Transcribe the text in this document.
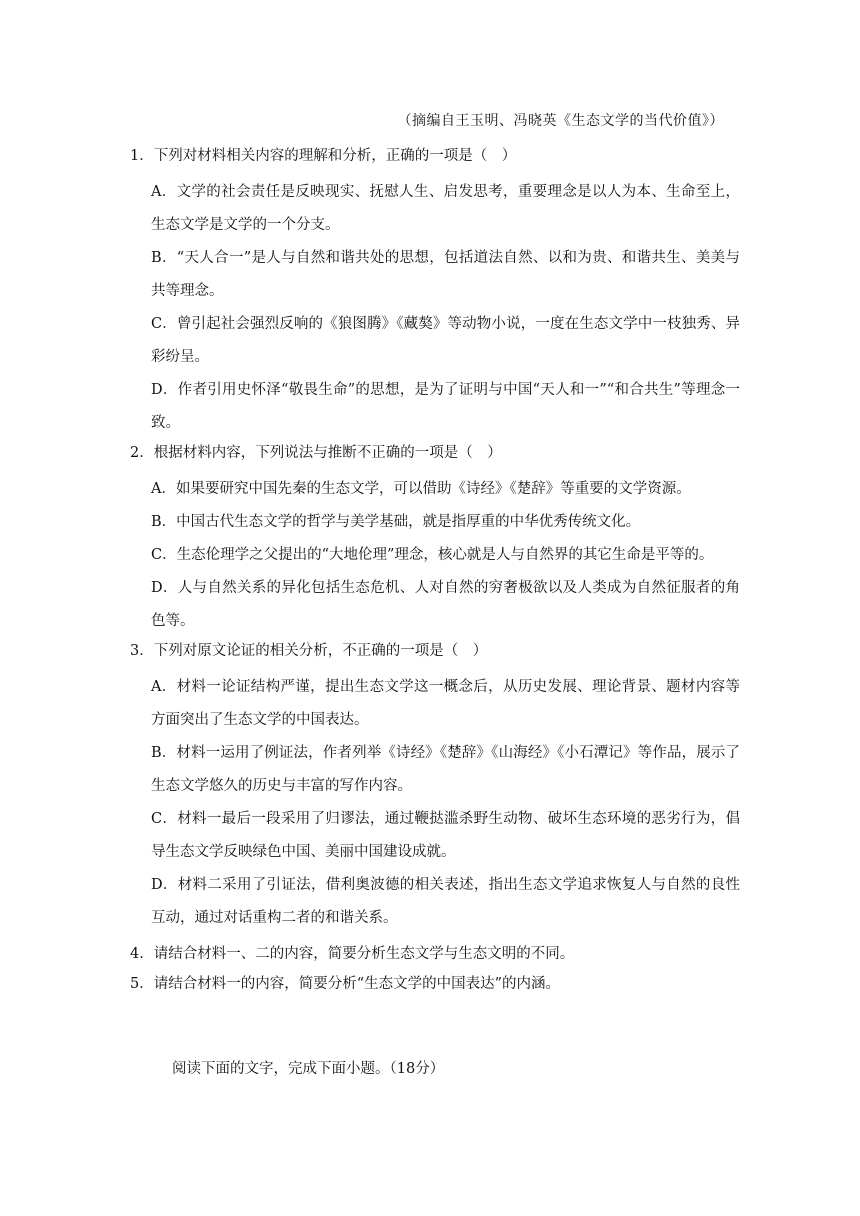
（摘编自王玉明、冯晓英《生态文学的当代价值》）
1．下列对材料相关内容的理解和分析，正确的一项是（　）

A．文学的社会责任是反映现实、抚慰人生、启发思考，重要理念是以人为本、生命至上，生态文学是文学的一个分支。

B．“天人合一”是人与自然和谐共处的思想，包括道法自然、以和为贵、和谐共生、美美与共等理念。

C．曾引起社会强烈反响的《狼图腾》《藏獒》等动物小说，一度在生态文学中一枝独秀、异彩纷呈。

D．作者引用史怀泽“敬畏生命”的思想，是为了证明与中国“天人和一”“和合共生”等理念一致。

2．根据材料内容，下列说法与推断不正确的一项是（　）

A．如果要研究中国先秦的生态文学，可以借助《诗经》《楚辞》等重要的文学资源。

B．中国古代生态文学的哲学与美学基础，就是指厚重的中华优秀传统文化。

C．生态伦理学之父提出的“大地伦理”理念，核心就是人与自然界的其它生命是平等的。

D．人与自然关系的异化包括生态危机、人对自然的穷奢极欲以及人类成为自然征服者的角色等。

3．下列对原文论证的相关分析，不正确的一项是（　）

A．材料一论证结构严谨，提出生态文学这一概念后，从历史发展、理论背景、题材内容等方面突出了生态文学的中国表达。

B．材料一运用了例证法，作者列举《诗经》《楚辞》《山海经》《小石潭记》等作品，展示了生态文学悠久的历史与丰富的写作内容。

C．材料一最后一段采用了归谬法，通过鞭挞滥杀野生动物、破坏生态环境的恶劣行为，倡导生态文学反映绿色中国、美丽中国建设成就。

D．材料二采用了引证法，借利奥波德的相关表述，指出生态文学追求恢复人与自然的良性互动，通过对话重构二者的和谐关系。

4．请结合材料一、二的内容，简要分析生态文学与生态文明的不同。

5．请结合材料一的内容，简要分析“生态文学的中国表达”的内涵。

阅读下面的文字，完成下面小题。（18分）
